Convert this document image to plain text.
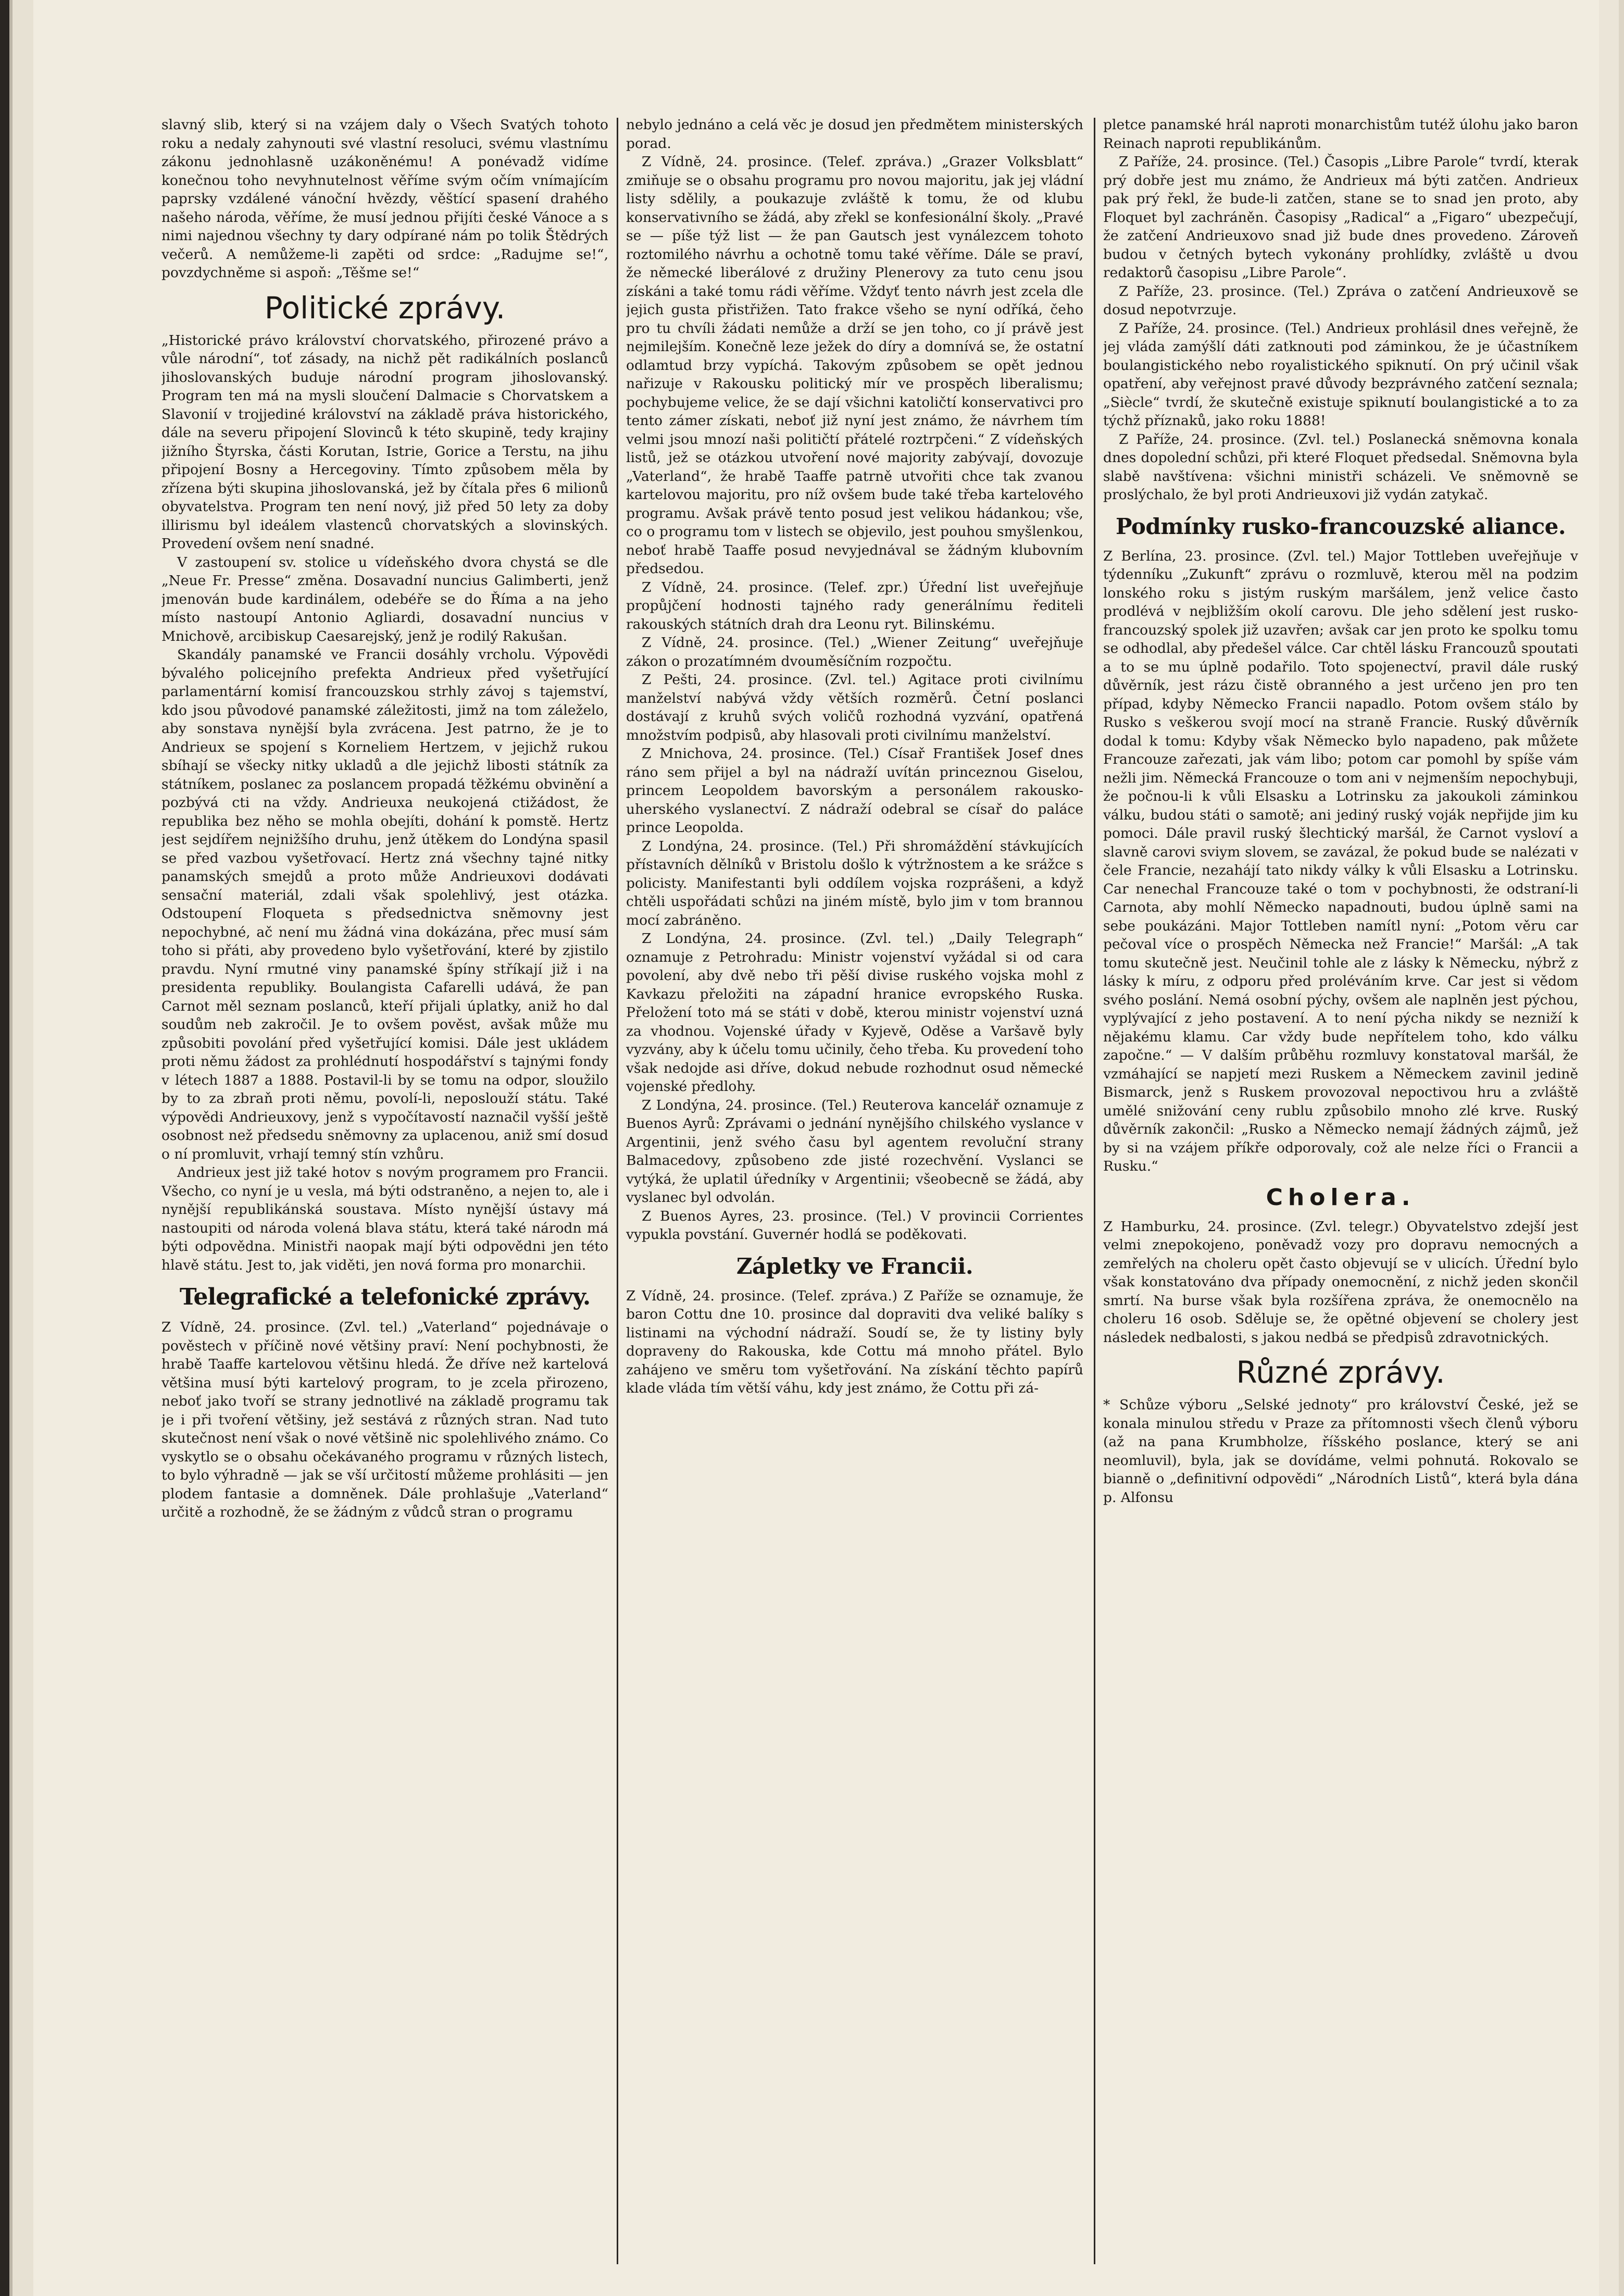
slavný slib, který si na vzájem daly o Všech Svatých tohoto roku a nedaly zahynouti své vlastní resoluci, svému vlastnímu zákonu jednohlasně uzákoněnému! A ponévadž vidíme konečnou toho nevyhnutelnost věříme svým očím vnímajícím paprsky vzdálené vánoční hvězdy, věštící spasení drahého našeho národa, věříme, že musí jednou přijíti české Vánoce a s nimi najednou všechny ty dary odpírané nám po tolik Štědrých večerů. A nemůžeme-li zapěti od srdce: „Radujme se!“, povzdychněme si aspoň: „Těšme se!“

Politické zprávy.

„Historické právo království chorvatského, přirozené právo a vůle národní“, toť zásady, na nichž pět radikálních poslanců jihoslovanských buduje národní program jihoslovanský. Program ten má na mysli sloučení Dalmacie s Chorvatskem a Slavonií v trojjediné království na základě práva historického, dále na severu připojení Slovinců k této skupině, tedy krajiny jižního Štyrska, části Korutan, Istrie, Gorice a Terstu, na jihu připojení Bosny a Hercegoviny. Tímto způsobem měla by zřízena býti skupina jihoslovanská, jež by čítala přes 6 milionů obyvatelstva. Program ten není nový, již před 50 lety za doby illirismu byl ideálem vlastenců chorvatských a slovinských. Provedení ovšem není snadné.

V zastoupení sv. stolice u vídeňského dvora chystá se dle „Neue Fr. Presse“ změna. Dosavadní nuncius Galimberti, jenž jmenován bude kardinálem, odebéře se do Říma a na jeho místo nastoupí Antonio Agliardi, dosavadní nuncius v Mnichově, arcibiskup Caesarejský, jenž je rodilý Rakušan.

Skandály panamské ve Francii dosáhly vrcholu. Výpovědi bývalého policejního prefekta Andrieux před vyšetřující parlamentární komisí francouzskou strhly závoj s tajemství, kdo jsou původové panamské záležitosti, jimž na tom záleželo, aby sonstava nynější byla zvrácena. Jest patrno, že je to Andrieux se spojení s Korneliem Hertzem, v jejichž rukou sbíhají se všecky nitky ukladů a dle jejichž libosti státník za státníkem, poslanec za poslancem propadá těžkému obvinění a pozbývá cti na vždy. Andrieuxa neukojená ctižádost, že republika bez něho se mohla obejíti, dohání k pomstě. Hertz jest sejdířem nejnižšího druhu, jenž útěkem do Londýna spasil se před vazbou vyšetřovací. Hertz zná všechny tajné nitky panamských smejdů a proto může Andrieuxovi dodávati sensační materiál, zdali však spolehlivý, jest otázka. Odstoupení Floqueta s předsednictva sněmovny jest nepochybné, ač není mu žádná vina dokázána, přec musí sám toho si přáti, aby provedeno bylo vyšetřování, které by zjistilo pravdu. Nyní rmutné viny panamské špíny stříkají již i na presidenta republiky. Boulangista Cafarelli udává, že pan Carnot měl seznam poslanců, kteří přijali úplatky, aniž ho dal soudům neb zakročil. Je to ovšem pověst, avšak může mu způsobiti povolání před vyšetřující komisi. Dále jest ukládem proti němu žádost za prohlédnutí hospodářství s tajnými fondy v létech 1887 a 1888. Postavil-li by se tomu na odpor, sloužilo by to za zbraň proti němu, povolí-li, neposlouží státu. Také výpovědi Andrieuxovy, jenž s vypočítavostí naznačil vyšší ještě osobnost než předsedu sněmovny za uplacenou, aniž smí dosud o ní promluvit, vrhají temný stín vzhůru.

Andrieux jest již také hotov s novým programem pro Francii. Všecho, co nyní je u vesla, má býti odstraněno, a nejen to, ale i nynější republikánská soustava. Místo nynější ústavy má nastoupiti od národa volená blava státu, která také národn má býti odpovědna. Ministři naopak mají býti odpovědni jen této hlavě státu. Jest to, jak viděti, jen nová forma pro monarchii.

Telegrafické a telefonické zprávy.

Z Vídně, 24. prosince. (Zvl. tel.) „Vaterland“ pojednávaje o pověstech v příčině nové většiny praví: Není pochybnosti, že hrabě Taaffe kartelovou většinu hledá. Že dříve než kartelová většina musí býti kartelový program, to je zcela přirozeno, neboť jako tvoří se strany jednotlivé na základě programu tak je i při tvoření většiny, jež sestává z různých stran. Nad tuto skutečnost není však o nové většině nic spolehlivého známo. Co vyskytlo se o obsahu očekávaného programu v různých listech, to bylo výhradně — jak se vší určitostí můžeme prohlásiti — jen plodem fantasie a domněnek. Dále prohlašuje „Vaterland“ určitě a rozhodně, že se žádným z vůdců stran o programu

nebylo jednáno a celá věc je dosud jen předmětem ministerských porad.

Z Vídně, 24. prosince. (Telef. zpráva.) „Grazer Volksblatt“ zmiňuje se o obsahu programu pro novou majoritu, jak jej vládní listy sdělily, a poukazuje zvláště k tomu, že od klubu konservativního se žádá, aby zřekl se konfesionální školy. „Pravé se — píše týž list — že pan Gautsch jest vynálezcem tohoto roztomilého návrhu a ochotně tomu také věříme. Dále se praví, že německé liberálové z družiny Plenerovy za tuto cenu jsou získáni a také tomu rádi věříme. Vždyť tento návrh jest zcela dle jejich gusta přistřižen. Tato frakce všeho se nyní odříká, čeho pro tu chvíli žádati nemůže a drží se jen toho, co jí právě jest nejmilejším. Konečně leze ježek do díry a domnívá se, že ostatní odlamtud brzy vypíchá. Takovým způsobem se opět jednou nařizuje v Rakousku politický mír ve prospěch liberalismu; pochybujeme velice, že se dají všichni katoličtí konservativci pro tento zámer získati, neboť již nyní jest známo, že návrhem tím velmi jsou mnozí naši političtí přátelé roztrpčeni.“ Z vídeňských listů, jež se otázkou utvoření nové majority zabývají, dovozuje „Vaterland“, že hrabě Taaffe patrně utvořiti chce tak zvanou kartelovou majoritu, pro níž ovšem bude také třeba kartelového programu. Avšak právě tento posud jest velikou hádankou; vše, co o programu tom v listech se objevilo, jest pouhou smyšlenkou, neboť hrabě Taaffe posud nevyjednával se žádným klubovním předsedou.

Z Vídně, 24. prosince. (Telef. zpr.) Úřední list uveřejňuje propůjčení hodnosti tajného rady generálnímu řediteli rakouských státních drah dra Leonu ryt. Bilinskému.

Z Vídně, 24. prosince. (Tel.) „Wiener Zeitung“ uveřejňuje zákon o prozatímném dvouměsíčním rozpočtu.

Z Pešti, 24. prosince. (Zvl. tel.) Agitace proti civilnímu manželství nabývá vždy větších rozměrů. Četní poslanci dostávají z kruhů svých voličů rozhodná vyzvání, opatřená množstvím podpisů, aby hlasovali proti civilnímu manželství.

Z Mnichova, 24. prosince. (Tel.) Císař František Josef dnes ráno sem přijel a byl na nádraží uvítán princeznou Giselou, princem Leopoldem bavorským a personálem rakousko-uherského vyslanectví. Z nádraží odebral se císař do paláce prince Leopolda.

Z Londýna, 24. prosince. (Tel.) Při shromáždění stávkujících přístavních dělníků v Bristolu došlo k výtržnostem a ke srážce s policisty. Manifestanti byli oddílem vojska rozprášeni, a když chtěli uspořádati schůzi na jiném místě, bylo jim v tom brannou mocí zabráněno.

Z Londýna, 24. prosince. (Zvl. tel.) „Daily Telegraph“ oznamuje z Petrohradu: Ministr vojenství vyžádal si od cara povolení, aby dvě nebo tři pěší divise ruského vojska mohl z Kavkazu přeložiti na západní hranice evropského Ruska. Přeložení toto má se státi v době, kterou ministr vojenství uzná za vhodnou. Vojenské úřady v Kyjevě, Oděse a Varšavě byly vyzvány, aby k účelu tomu učinily, čeho třeba. Ku provedení toho však nedojde asi dříve, dokud nebude rozhodnut osud německé vojenské předlohy.

Z Londýna, 24. prosince. (Tel.) Reuterova kancelář oznamuje z Buenos Ayrů: Zprávami o jednání nynějšího chilského vyslance v Argentinii, jenž svého času byl agentem revoluční strany Balmacedovy, způsobeno zde jisté rozechvění. Vyslanci se vytýká, že uplatil úředníky v Argentinii; všeobecně se žádá, aby vyslanec byl odvolán.

Z Buenos Ayres, 23. prosince. (Tel.) V provincii Corrientes vypukla povstání. Guvernér hodlá se poděkovati.

Zápletky ve Francii.

Z Vídně, 24. prosince. (Telef. zpráva.) Z Paříže se oznamuje, že baron Cottu dne 10. prosince dal dopraviti dva veliké balíky s listinami na východní nádraží. Soudí se, že ty listiny byly dopraveny do Rakouska, kde Cottu má mnoho přátel. Bylo zahájeno ve směru tom vyšetřování. Na získání těchto papírů klade vláda tím větší váhu, kdy jest známo, že Cottu při zá-

pletce panamské hrál naproti monarchistům tutéž úlohu jako baron Reinach naproti republikánům.

Z Paříže, 24. prosince. (Tel.) Časopis „Libre Parole“ tvrdí, kterak prý dobře jest mu známo, že Andrieux má býti zatčen. Andrieux pak prý řekl, že bude-li zatčen, stane se to snad jen proto, aby Floquet byl zachráněn. Časopisy „Radical“ a „Figaro“ ubezpečují, že zatčení Andrieuxovo snad již bude dnes provedeno. Zároveň budou v četných bytech vykonány prohlídky, zvláště u dvou redaktorů časopisu „Libre Parole“.

Z Paříže, 23. prosince. (Tel.) Zpráva o zatčení Andrieuxově se dosud nepotvrzuje.

Z Paříže, 24. prosince. (Tel.) Andrieux prohlásil dnes veřejně, že jej vláda zamýšlí dáti zatknouti pod záminkou, že je účastníkem boulangistického nebo royalistického spiknutí. On prý učinil však opatření, aby veřejnost pravé důvody bezprávného zatčení seznala; „Siècle“ tvrdí, že skutečně existuje spiknutí boulangistické a to za týchž příznaků, jako roku 1888!

Z Paříže, 24. prosince. (Zvl. tel.) Poslanecká sněmovna konala dnes dopolední schůzi, při které Floquet předsedal. Sněmovna byla slabě navštívena: všichni ministři scházeli. Ve sněmovně se proslýchalo, že byl proti Andrieuxovi již vydán zatykač.

Podmínky rusko-francouzské aliance.

Z Berlína, 23. prosince. (Zvl. tel.) Major Tottleben uveřejňuje v týdenníku „Zukunft“ zprávu o rozmluvě, kterou měl na podzim lonského roku s jistým ruským maršálem, jenž velice často prodlévá v nejbližším okolí carovu. Dle jeho sdělení jest rusko-francouzský spolek již uzavřen; avšak car jen proto ke spolku tomu se odhodlal, aby předešel válce. Car chtěl lásku Francouzů spoutati a to se mu úplně podařilo. Toto spojenectví, pravil dále ruský důvěrník, jest rázu čistě obranného a jest určeno jen pro ten případ, kdyby Německo Francii napadlo. Potom ovšem stálo by Rusko s veškerou svojí mocí na straně Francie. Ruský důvěrník dodal k tomu: Kdyby však Německo bylo napadeno, pak můžete Francouze zařezati, jak vám libo; potom car pomohl by spíše vám nežli jim. Německá Francouze o tom ani v nejmenším nepochybuji, že počnou-li k vůli Elsasku a Lotrinsku za jakoukoli záminkou válku, budou státi o samotě; ani jediný ruský voják nepřijde jim ku pomoci. Dále pravil ruský šlechtický maršál, že Carnot vysloví a slavně carovi sviym slovem, se zavázal, že pokud bude se nalézati v čele Francie, nezahájí tato nikdy války k vůli Elsasku a Lotrinsku. Car nenechal Francouze také o tom v pochybnosti, že odstraní-li Carnota, aby mohlí Německo napadnouti, budou úplně sami na sebe poukázáni. Major Tottleben namítl nyní: „Potom věru car pečoval více o prospěch Německa než Francie!“ Maršál: „A tak tomu skutečně jest. Neučinil tohle ale z lásky k Německu, nýbrž z lásky k míru, z odporu před proléváním krve. Car jest si vědom svého poslání. Nemá osobní pýchy, ovšem ale naplněn jest pýchou, vyplývající z jeho postavení. A to není pýcha nikdy se nezniží k nějakému klamu. Car vždy bude nepřítelem toho, kdo válku započne.“ — V dalším průběhu rozmluvy konstatoval maršál, že vzmáhající se napjetí mezi Ruskem a Německem zavinil jedině Bismarck, jenž s Ruskem provozoval nepoctivou hru a zvláště umělé snižování ceny rublu způsobilo mnoho zlé krve. Ruský důvěrník zakončil: „Rusko a Německo nemají žádných zájmů, jež by si na vzájem příkře odporovaly, což ale nelze říci o Francii a Rusku.“

Cholera.

Z Hamburku, 24. prosince. (Zvl. telegr.) Obyvatelstvo zdejší jest velmi znepokojeno, poněvadž vozy pro dopravu nemocných a zemřelých na choleru opět často objevují se v ulicích. Úřední bylo však konstatováno dva případy onemocnění, z nichž jeden skončil smrtí. Na burse však byla rozšířena zpráva, že onemocnělo na choleru 16 osob. Sděluje se, že opětné objevení se cholery jest následek nedbalosti, s jakou nedbá se předpisů zdravotnických.

Různé zprávy.

* Schůze výboru „Selské jednoty“ pro království České, jež se konala minulou středu v Praze za přítomnosti všech členů výboru (až na pana Krumbholze, říšského poslance, který se ani neomluvil), byla, jak se dovídáme, velmi pohnutá. Rokovalo se bianně o „definitivní odpovědi“ „Národních Listů“, která byla dána p. Alfonsu
